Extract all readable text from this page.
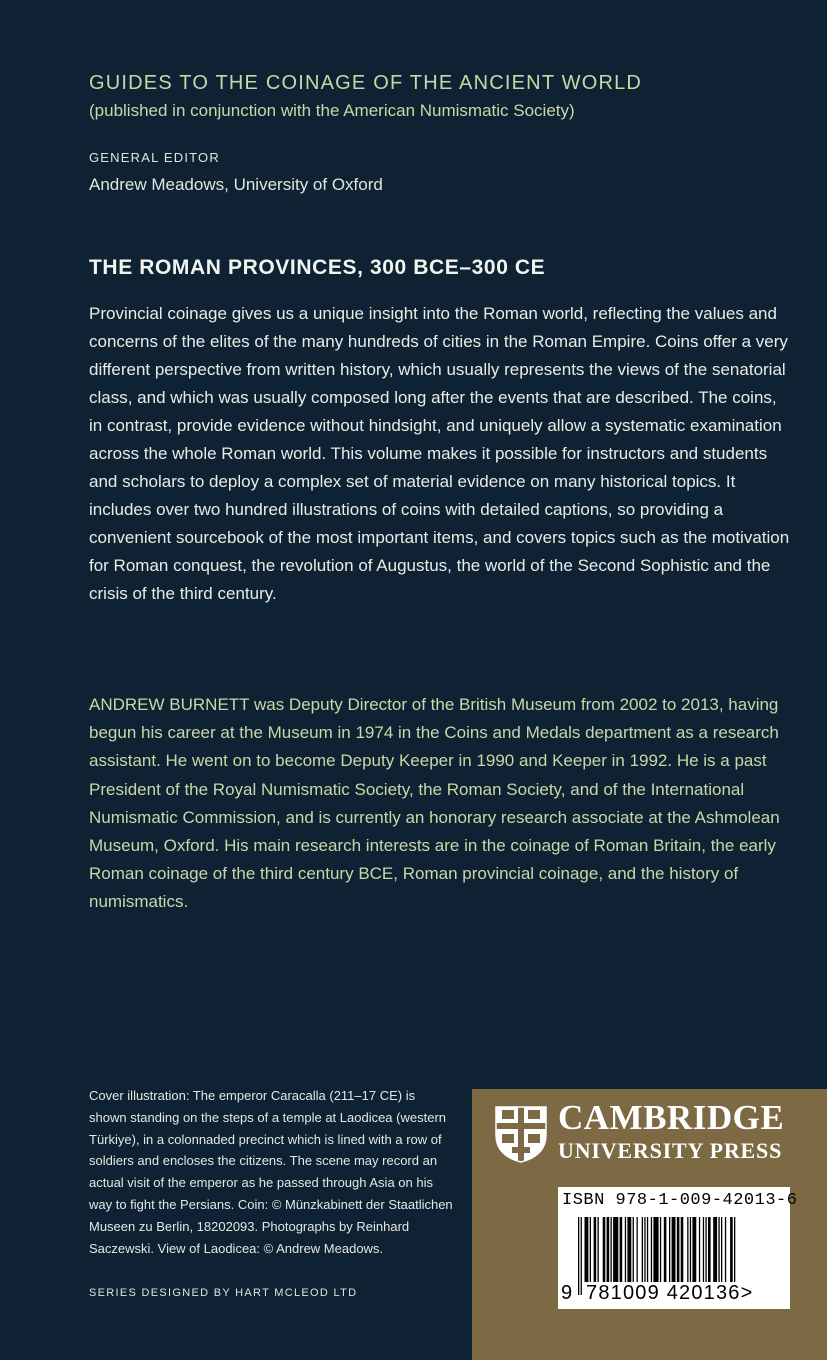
GUIDES TO THE COINAGE OF THE ANCIENT WORLD
(published in conjunction with the American Numismatic Society)
GENERAL EDITOR
Andrew Meadows, University of Oxford
THE ROMAN PROVINCES, 300 BCE–300 CE

Provincial coinage gives us a unique insight into the Roman world, reflecting the values and concerns of the elites of the many hundreds of cities in the Roman Empire. Coins offer a very different perspective from written history, which usually represents the views of the senatorial class, and which was usually composed long after the events that are described. The coins, in contrast, provide evidence without hindsight, and uniquely allow a systematic examination across the whole Roman world. This volume makes it possible for instructors and students and scholars to deploy a complex set of material evidence on many historical topics. It includes over two hundred illustrations of coins with detailed captions, so providing a convenient sourcebook of the most important items, and covers topics such as the motivation for Roman conquest, the revolution of Augustus, the world of the Second Sophistic and the crisis of the third century.

ANDREW BURNETT was Deputy Director of the British Museum from 2002 to 2013, having begun his career at the Museum in 1974 in the Coins and Medals department as a research assistant. He went on to become Deputy Keeper in 1990 and Keeper in 1992. He is a past President of the Royal Numismatic Society, the Roman Society, and of the International Numismatic Commission, and is currently an honorary research associate at the Ashmolean Museum, Oxford. His main research interests are in the coinage of Roman Britain, the early Roman coinage of the third century BCE, Roman provincial coinage, and the history of numismatics.

Cover illustration: The emperor Caracalla (211–17 CE) is shown standing on the steps of a temple at Laodicea (western Türkiye), in a colonnaded precinct which is lined with a row of soldiers and encloses the citizens. The scene may record an actual visit of the emperor as he passed through Asia on his way to fight the Persians. Coin: © Münzkabinett der Staatlichen Museen zu Berlin, 18202093. Photographs by Reinhard Saczewski. View of Laodicea: © Andrew Meadows.

SERIES DESIGNED BY HART MCLEOD LTD
CAMBRIDGE
UNIVERSITY PRESS
ISBN 978-1-009-42013-6
9 781009 420136>
